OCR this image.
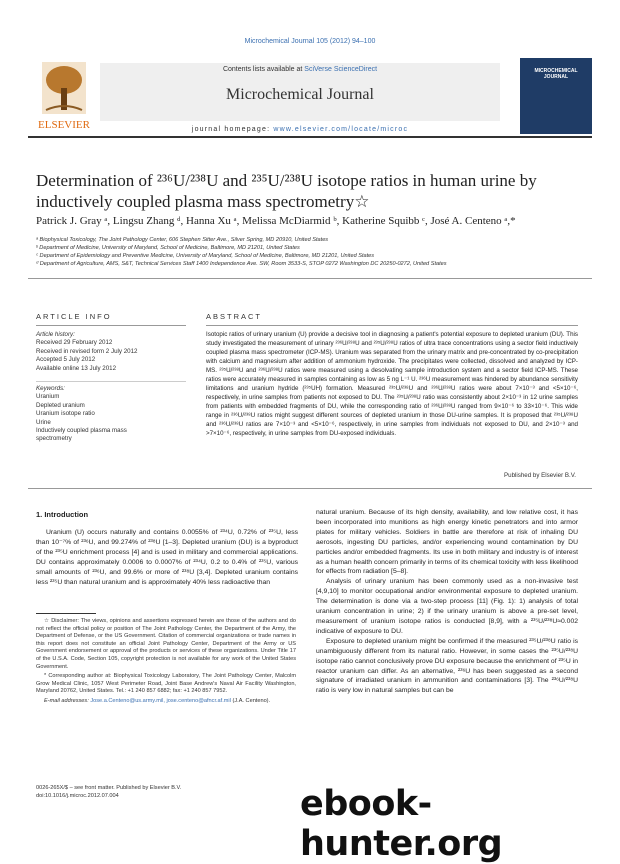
Microchemical Journal 105 (2012) 94–100
Contents lists available at SciVerse ScienceDirect
Microchemical Journal
journal homepage: www.elsevier.com/locate/microc
ELSEVIER
MICROCHEMICAL JOURNAL
Determination of ²³⁶U/²³⁸U and ²³⁵U/²³⁸U isotope ratios in human urine by inductively coupled plasma mass spectrometry☆
Patrick J. Gray ᵃ, Lingsu Zhang ᵈ, Hanna Xu ᵃ, Melissa McDiarmid ᵇ, Katherine Squibb ᶜ, José A. Centeno ᵃ,*
ᵃ Biophysical Toxicology, The Joint Pathology Center, 606 Stephen Sitter Ave., Silver Spring, MD 20910, United States
ᵇ Department of Medicine, University of Maryland, School of Medicine, Baltimore, MD 21201, United States
ᶜ Department of Epidemiology and Preventive Medicine, University of Maryland, School of Medicine, Baltimore, MD 21201, United States
ᵈ Department of Agriculture, AMS, S&T, Technical Services Staff 1400 Independence Ave. SW, Room 3533-S, STOP 0272 Washington DC 20250-0272, United States
ARTICLE INFO	ABSTRACT
Article history:
Received 29 February 2012
Received in revised form 2 July 2012
Accepted 5 July 2012
Available online 13 July 2012
Keywords:
Uranium
Depleted uranium
Uranium isotope ratio
Urine
Inductively coupled plasma mass
spectrometry
Isotopic ratios of urinary uranium (U) provide a decisive tool in diagnosing a patient's potential exposure to depleted uranium (DU). This study investigated the measurement of urinary ²³⁶U/²³⁸U and ²³⁵U/²³⁸U ratios of ultra trace concentrations using a sector field inductively coupled plasma mass spectrometer (ICP-MS). Uranium was separated from the urinary matrix and pre-concentrated by co-precipitation with calcium and magnesium after addition of ammonium hydroxide. The precipitates were collected, dissolved and analyzed by ICP-MS. ²³⁵U/²³⁸U and ²³⁶U/²³⁸U ratios were measured using a desolvating sample introduction system and a sector field ICP-MS. These ratios were accurately measured in samples containing as low as 5 ng L⁻¹ U. ²³⁶U measurement was hindered by abundance sensitivity limitations and uranium hydride (²³⁵UH) formation. Measured ²³⁵U/²³⁸U and ²³⁶U/²³⁸U ratios were about 7×10⁻³ and <5×10⁻⁶, respectively, in urine samples from patients not exposed to DU. The ²³⁵U/²³⁸U ratio was consistently about 2×10⁻³ in 12 urine samples from patients with embedded fragments of DU, while the corresponding ratio of ²³⁶U/²³⁸U ranged from 9×10⁻⁶ to 33×10⁻⁶. This wide range in ²³⁶U/²³⁸U ratios might suggest different sources of depleted uranium in those DU-urine samples. It is proposed that ²³⁵U/²³⁸U and ²³⁶U/²³⁸U ratios are 7×10⁻³ and <5×10⁻⁶, respectively, in urine samples from individuals not exposed to DU, and 2×10⁻³ and >7×10⁻⁶, respectively, in urine samples from DU-exposed individuals.
Published by Elsevier B.V.
1. Introduction

Uranium (U) occurs naturally and contains 0.0055% of ²³⁴U, 0.72% of ²³⁵U, less than 10⁻⁷% of ²³⁶U, and 99.274% of ²³⁸U [1–3]. Depleted uranium (DU) is a byproduct of the ²³⁵U enrichment process [4] and is used in military and commercial applications. DU contains approximately 0.0006 to 0.0007% of ²³⁴U, 0.2 to 0.4% of ²³⁵U, various small amounts of ²³⁶U, and 99.6% or more of ²³⁸U [3,4]. Depleted uranium contains less ²³⁵U than natural uranium and is approximately 40% less radioactive than

natural uranium. Because of its high density, availability, and low relative cost, it has been incorporated into munitions as high energy kinetic penetrators and into armor plates for military vehicles. Soldiers in battle are therefore at risk of inhaling DU aerosols, ingesting DU particles, and/or experiencing wound contamination by DU particles and/or embedded fragments. Its use in both military and industry is of interest as a human health concern primarily in terms of its chemical toxicity with less likelihood for effects from radiation [5–8].

Analysis of urinary uranium has been commonly used as a non-invasive test [4,9,10] to monitor occupational and/or environmental exposure to depleted uranium. The determination is done via a two-step process [11] (Fig. 1): 1) analysis of total uranium concentration in urine; 2) if the urinary uranium is above a pre-set level, measurement of uranium isotope ratios is conducted [8,9], with a ²³⁵U/²³⁸U≈0.002 indicative of exposure to DU.

Exposure to depleted uranium might be confirmed if the measured ²³⁵U/²³⁸U ratio is unambiguously different from its natural ratio. However, in some cases the ²³⁵U/²³⁸U isotope ratio cannot conclusively prove DU exposure because the enrichment of ²³⁵U in reactor uranium can differ. As an alternative, ²³⁶U has been suggested as a second signature of irradiated uranium in ammunition and contaminations [3]. The ²³⁶U/²³⁸U ratio is very low in natural samples but can be

☆ Disclaimer: The views, opinions and assertions expressed herein are those of the authors and do not reflect the official policy or position of The Joint Pathology Center, the Department of the Army, the Department of Defense, or the US Government. Citation of commercial organizations or trade names in this report does not constitute an official Joint Pathology Center, Department of the Army or US Government endorsement or approval of the products or services of these organizations. Under Title 17 of the U.S.A. Code, Section 105, copyright protection is not available for any work of the United States Government.

* Corresponding author at: Biophysical Toxicology Laboratory, The Joint Pathology Center, Malcolm Grow Medical Clinic, 1057 West Perimeter Road, Joint Base Andrew's Naval Air Facility Washington, Maryland 20762, United States. Tel.: +1 240 857 6882; fax: +1 240 857 7952.

E-mail addresses: Jose.a.Centeno@us.army.mil, jose.centeno@afncr.af.mil (J.A. Centeno).

0026-265X/$ – see front matter. Published by Elsevier B.V.
doi:10.1016/j.microc.2012.07.004	ebook-hunter.org
